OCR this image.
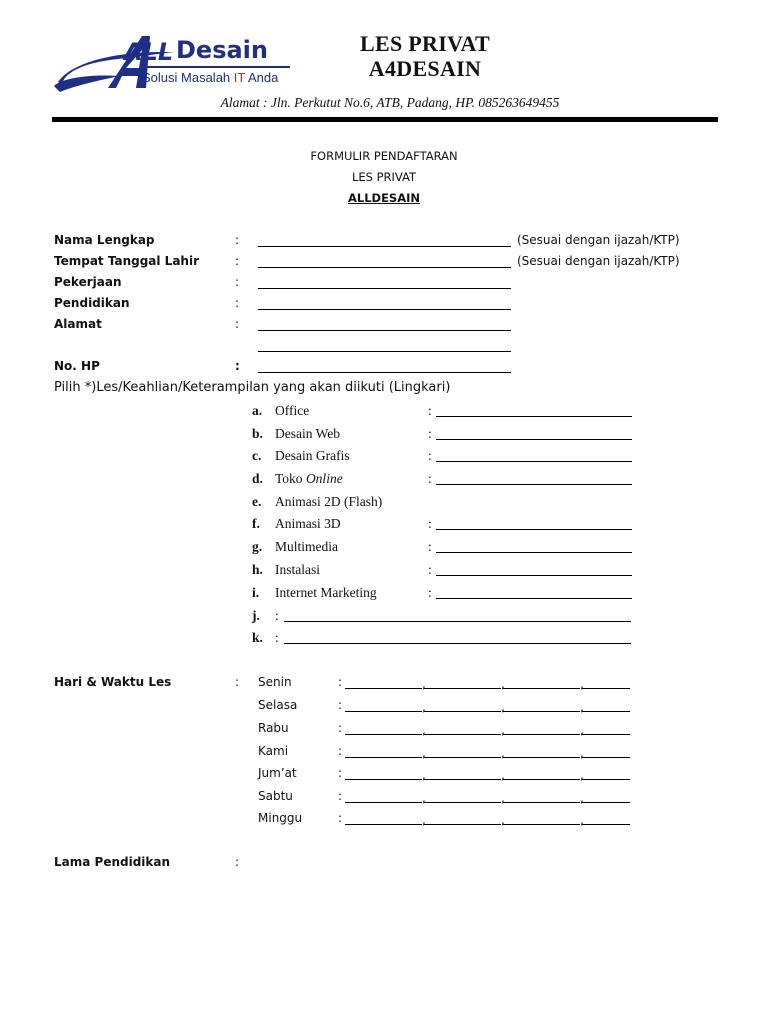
ALL Desain
Solusi Masalah IT Anda
LES PRIVAT
A4DESAIN
Alamat : Jln. Perkutut No.6, ATB, Padang, HP. 085263649455
FORMULIR PENDAFTARAN
LES PRIVAT
ALLDESAIN
Nama Lengkap	:	(Sesuai dengan ijazah/KTP)
Tempat Tanggal Lahir	:	(Sesuai dengan ijazah/KTP)
Pekerjaan	:
Pendidikan	:
Alamat	:
No. HP	:
Pilih *)Les/Keahlian/Keterampilan yang akan diikuti (Lingkari)
a. Office	:
b. Desain Web	:
c. Desain Grafis	:
d. Toko Online	:
e. Animasi 2D (Flash)
f. Animasi 3D	:
g. Multimedia	:
h. Instalasi	:
i. Internet Marketing	:
j. :
k. :
Hari & Waktu Les	: Senin	:	,	,	,
Selasa	:	,	,	,
Rabu	:	,	,	,
Kami	:	,	,	,
Jum’at	:	,	,	,
Sabtu	:	,	,	,
Minggu	:	,	,	,
Lama Pendidikan	:
